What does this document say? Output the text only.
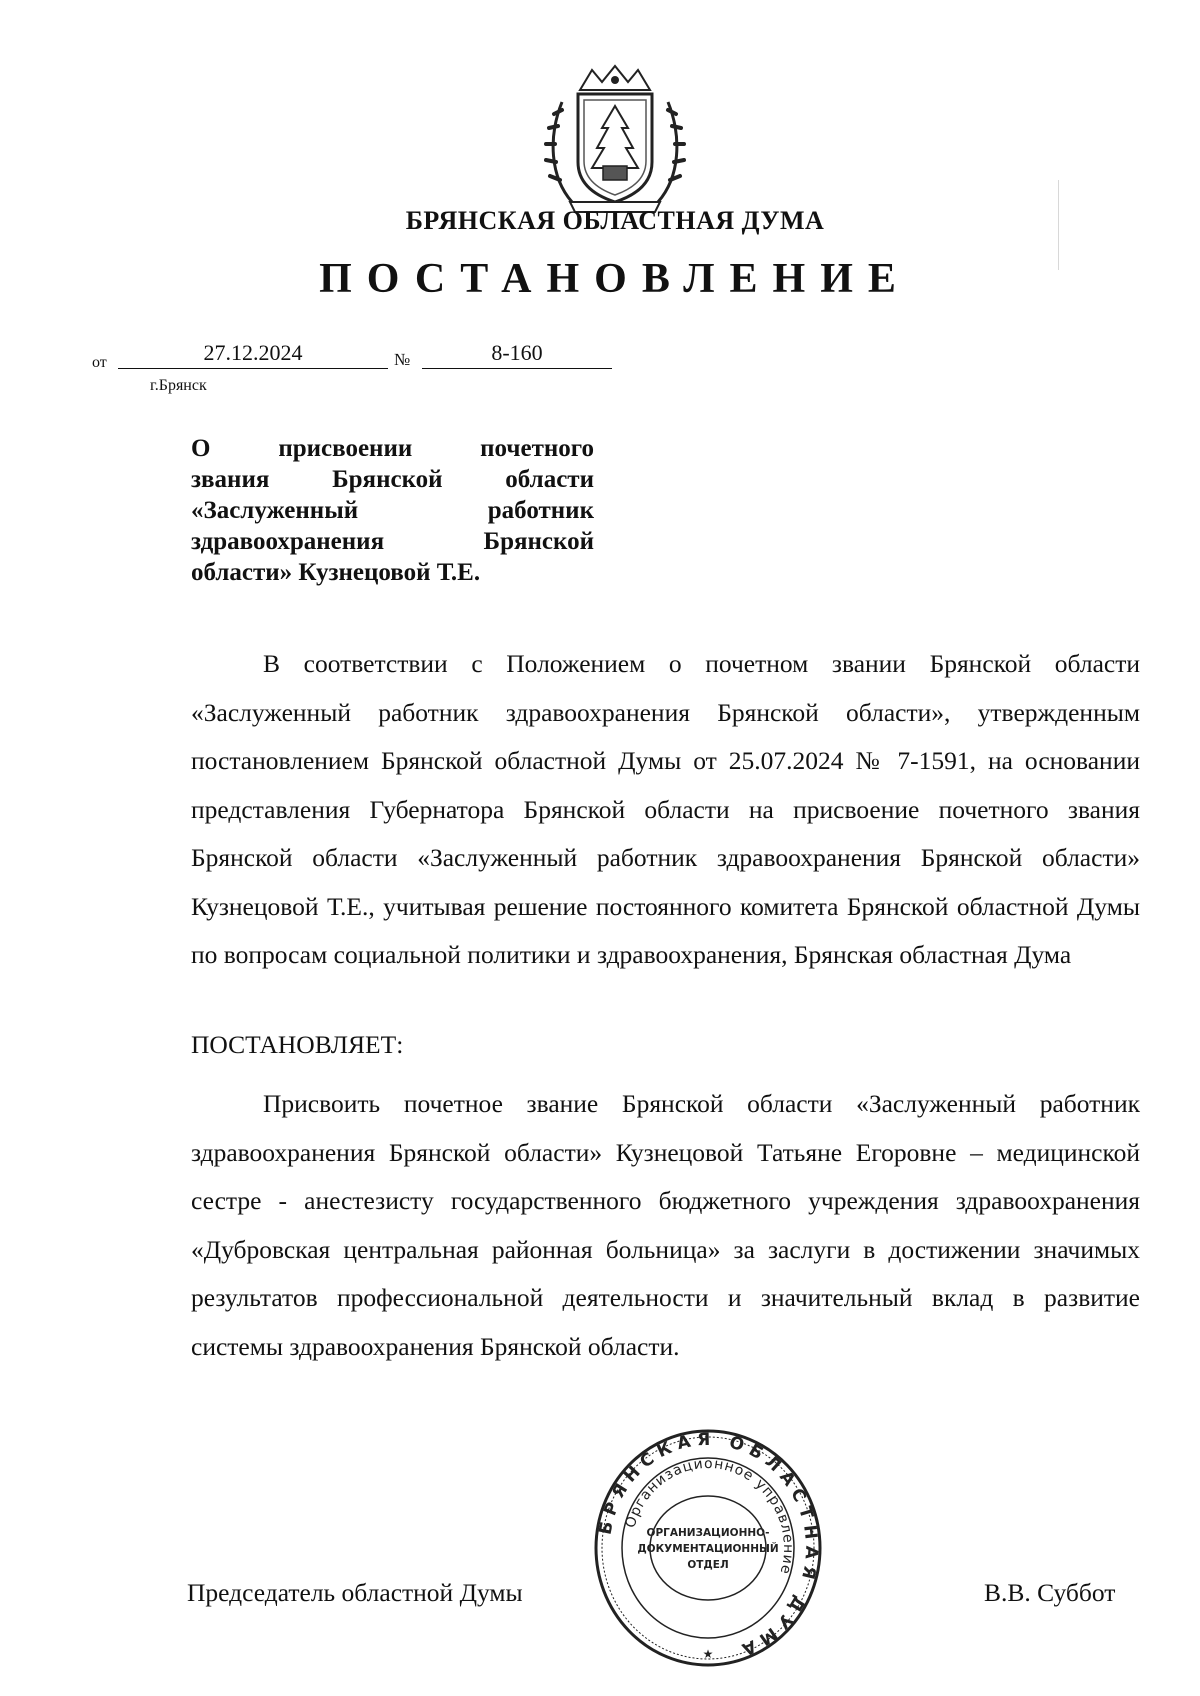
БРЯНСКАЯ ОБЛАСТНАЯ ДУМА
ПОСТАНОВЛЕНИЕ
от	27.12.2024	№	8-160
г.Брянск
О присвоении почетного
звания Брянской области
«Заслуженный работник
здравоохранения Брянской
области» Кузнецовой Т.Е.
В соответствии с Положением о почетном звании Брянской области «Заслуженный работник здравоохранения Брянской области», утвержденным постановлением Брянской областной Думы от 25.07.2024 № 7-1591, на основании представления Губернатора Брянской области на присвоение почетного звания Брянской области «Заслуженный работник здравоохранения Брянской области» Кузнецовой Т.Е., учитывая решение постоянного комитета Брянской областной Думы по вопросам социальной политики и здравоохранения, Брянская областная Дума
ПОСТАНОВЛЯЕТ:
Присвоить почетное звание Брянской области «Заслуженный работник здравоохранения Брянской области» Кузнецовой Татьяне Егоровне – медицинской сестре - анестезисту государственного бюджетного учреждения здравоохранения «Дубровская центральная районная больница» за заслуги в достижении значимых результатов профессиональной деятельности и значительный вклад в развитие системы здравоохранения Брянской области.
Председатель областной Думы	В.В. Суббот
БРЯНСКАЯ ОБЛАСТНАЯ ДУМА
Организационное управление
ОРГАНИЗАЦИОННО-
ДОКУМЕНТАЦИОННЫЙ
ОТДЕЛ
★
